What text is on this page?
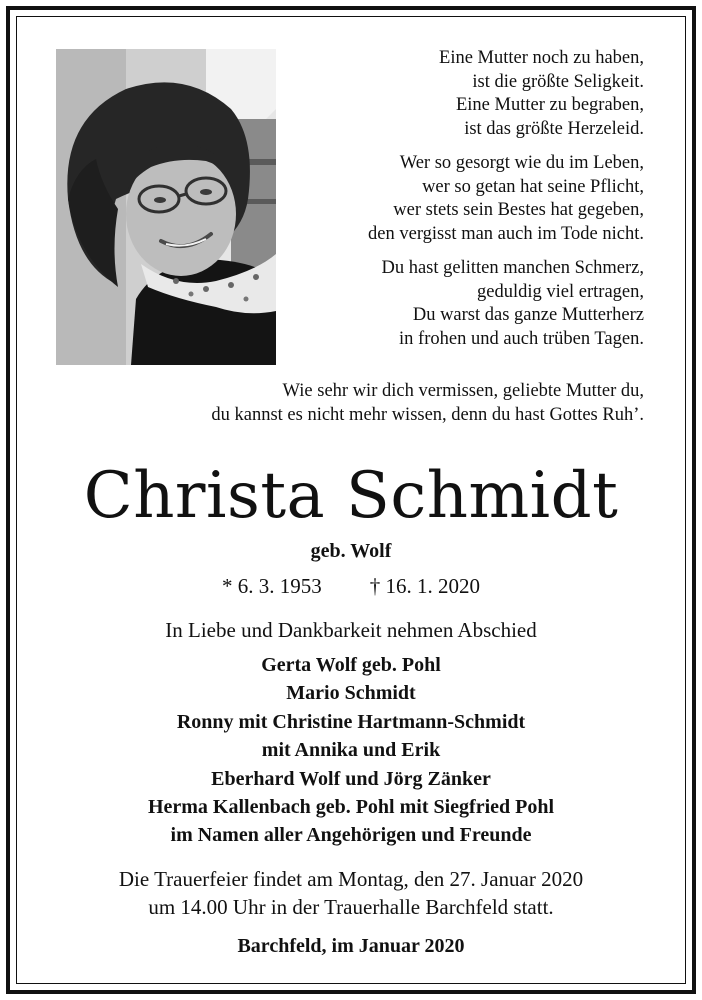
Eine Mutter noch zu haben,
ist die größte Seligkeit.
Eine Mutter zu begraben,
ist das größte Herzeleid.
Wer so gesorgt wie du im Leben,
wer so getan hat seine Pflicht,
wer stets sein Bestes hat gegeben,
den vergisst man auch im Tode nicht.
Du hast gelitten manchen Schmerz,
geduldig viel ertragen,
Du warst das ganze Mutterherz
in frohen und auch trüben Tagen.
Wie sehr wir dich vermissen, geliebte Mutter du,
du kannst es nicht mehr wissen, denn du hast Gottes Ruh’.
Christa Schmidt
geb. Wolf
* 6. 3. 1953 † 16. 1. 2020
In Liebe und Dankbarkeit nehmen Abschied
Gerta Wolf geb. Pohl
Mario Schmidt
Ronny mit Christine Hartmann-Schmidt
mit Annika und Erik
Eberhard Wolf und Jörg Zänker
Herma Kallenbach geb. Pohl mit Siegfried Pohl
im Namen aller Angehörigen und Freunde
Die Trauerfeier findet am Montag, den 27. Januar 2020
um 14.00 Uhr in der Trauerhalle Barchfeld statt.
Barchfeld, im Januar 2020
